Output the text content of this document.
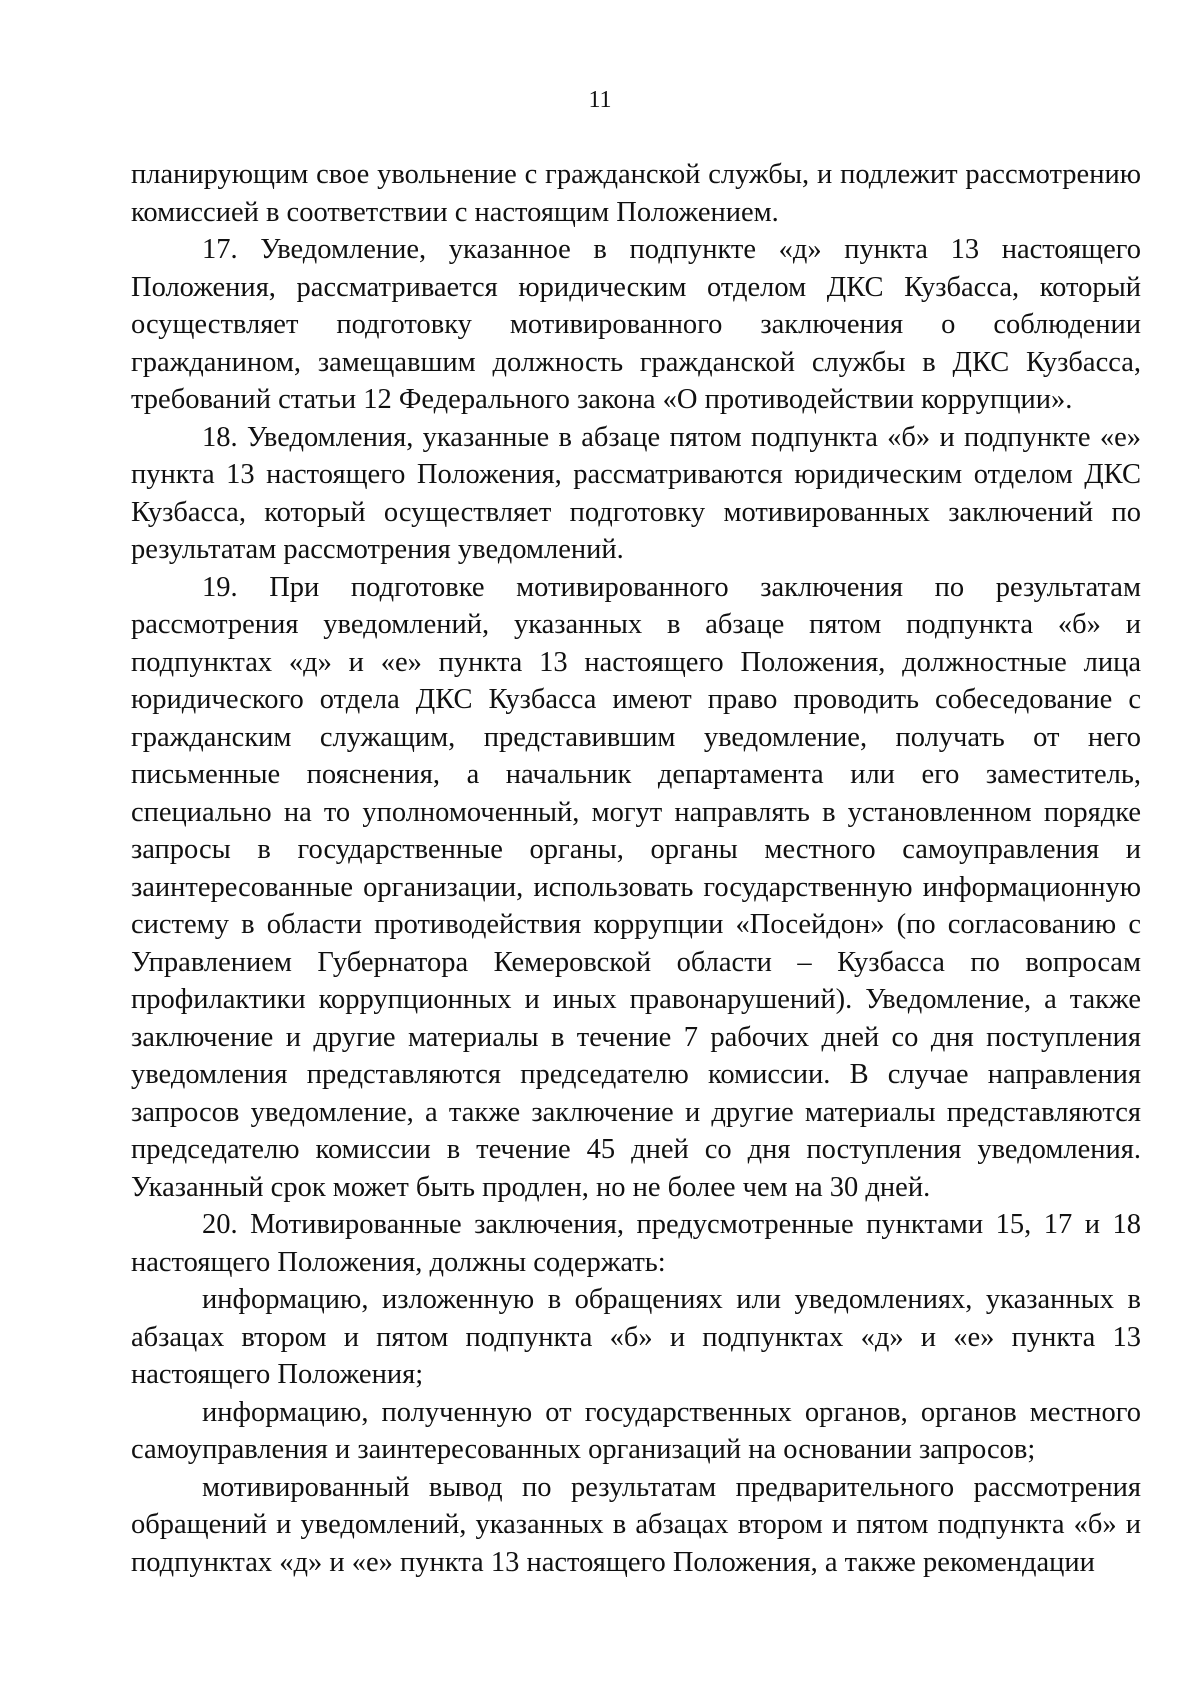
11

планирующим свое увольнение с гражданской службы, и подлежит рассмотрению комиссией в соответствии с настоящим Положением.

17. Уведомление, указанное в подпункте «д» пункта 13 настоящего Положения, рассматривается юридическим отделом ДКС Кузбасса, который осуществляет подготовку мотивированного заключения о соблюдении гражданином, замещавшим должность гражданской службы в ДКС Кузбасса, требований статьи 12 Федерального закона «О противодействии коррупции».

18. Уведомления, указанные в абзаце пятом подпункта «б» и подпункте «е» пункта 13 настоящего Положения, рассматриваются юридическим отделом ДКС Кузбасса, который осуществляет подготовку мотивированных заключений по результатам рассмотрения уведомлений.

19. При подготовке мотивированного заключения по результатам рассмотрения уведомлений, указанных в абзаце пятом подпункта «б» и подпунктах «д» и «е» пункта 13 настоящего Положения, должностные лица юридического отдела ДКС Кузбасса имеют право проводить собеседование с гражданским служащим, представившим уведомление, получать от него письменные пояснения, а начальник департамента или его заместитель, специально на то уполномоченный, могут направлять в установленном порядке запросы в государственные органы, органы местного самоуправления и заинтересованные организации, использовать государственную информационную систему в области противодействия коррупции «Посейдон» (по согласованию с Управлением Губернатора Кемеровской области – Кузбасса по вопросам профилактики коррупционных и иных правонарушений). Уведомление, а также заключение и другие материалы в течение 7 рабочих дней со дня поступления уведомления представляются председателю комиссии. В случае направления запросов уведомление, а также заключение и другие материалы представляются председателю комиссии в течение 45 дней со дня поступления уведомления. Указанный срок может быть продлен, но не более чем на 30 дней.

20. Мотивированные заключения, предусмотренные пунктами 15, 17 и 18 настоящего Положения, должны содержать:

информацию, изложенную в обращениях или уведомлениях, указанных в абзацах втором и пятом подпункта «б» и подпунктах «д» и «е» пункта 13 настоящего Положения;

информацию, полученную от государственных органов, органов местного самоуправления и заинтересованных организаций на основании запросов;

мотивированный вывод по результатам предварительного рассмотрения обращений и уведомлений, указанных в абзацах втором и пятом подпункта «б» и подпунктах «д» и «е» пункта 13 настоящего Положения, а также рекомендации
